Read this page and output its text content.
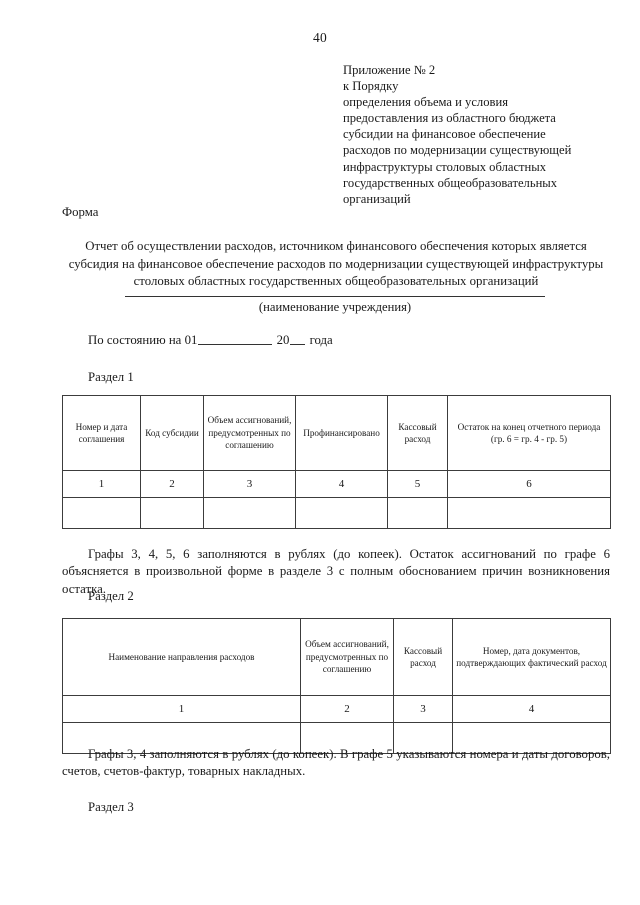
40
Приложение № 2
к Порядку
определения объема и условия
предоставления из областного бюджета
субсидии на финансовое обеспечение
расходов по модернизации существующей
инфраструктуры столовых областных
государственных общеобразовательных
организаций
Форма
Отчет об осуществлении расходов, источником финансового обеспечения которых является субсидия на финансовое обеспечение расходов по модернизации существующей инфраструктуры столовых областных государственных общеобразовательных организаций
(наименование учреждения)
По состоянию на 01	20 года
Раздел 1
Номер и дата соглашения	Код субсидии	Объем ассигнований, предусмотренных по соглашению	Профинансировано	Кассовый расход	Остаток на конец отчетного периода (гр. 6 = гр. 4 - гр. 5)
1	2	3	4	5	6

Графы 3, 4, 5, 6 заполняются в рублях (до копеек). Остаток ассигнований по графе 6 объясняется в произвольной форме в разделе 3 с полным обоснованием причин возникновения остатка.
Раздел 2
Наименование направления расходов	Объем ассигнований, предусмотренных по соглашению	Кассовый расход	Номер, дата документов, подтверждающих фактический расход
1	2	3	4

Графы 3, 4 заполняются в рублях (до копеек). В графе 5 указываются номера и даты договоров, счетов, счетов-фактур, товарных накладных.
Раздел 3
